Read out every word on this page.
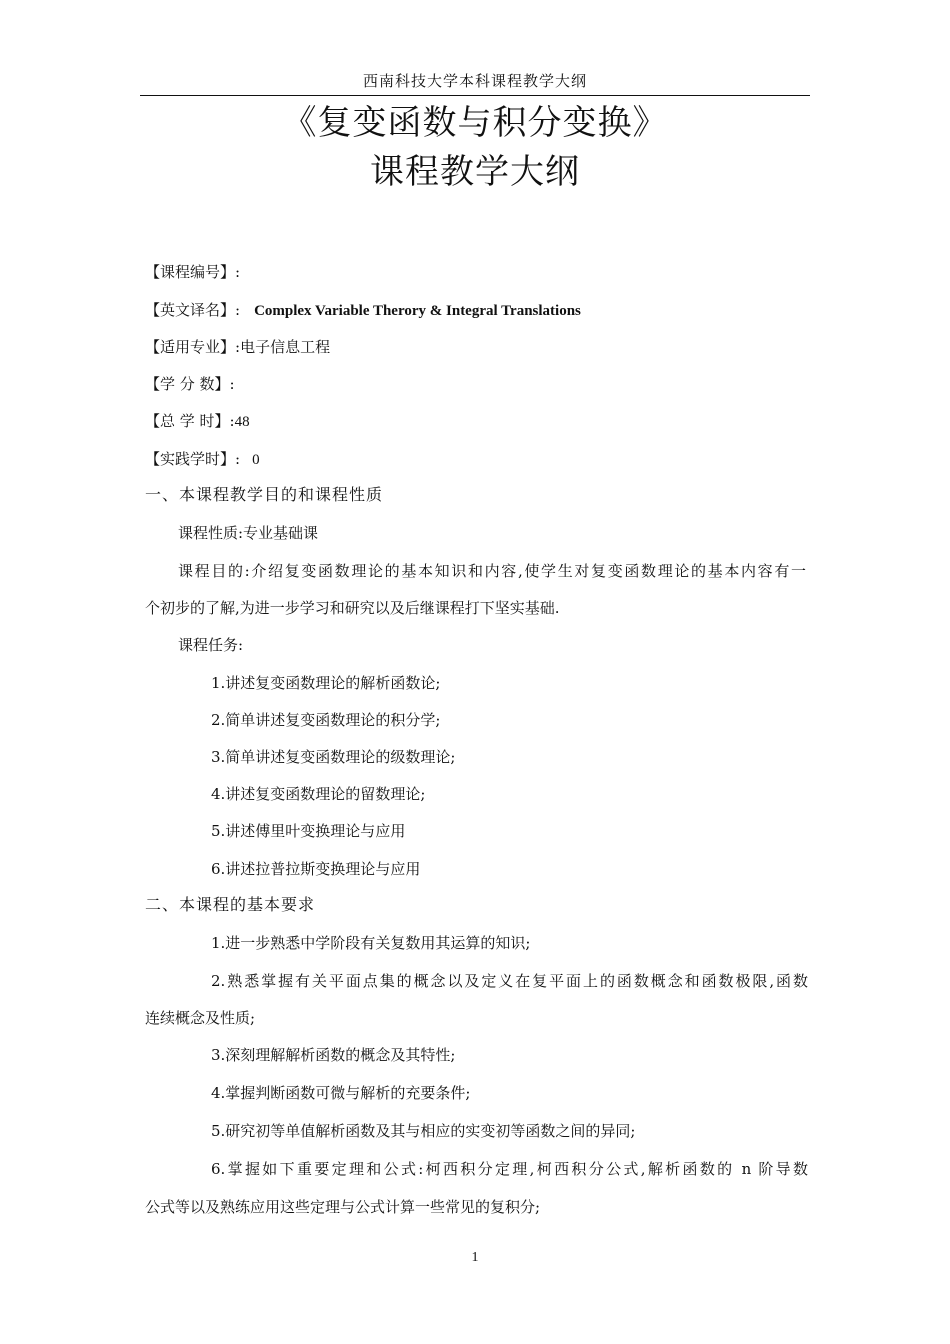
西南科技大学本科课程教学大纲
《复变函数与积分变换》
课程教学大纲
【课程编号】:
【英文译名】: Complex Variable Therory & Integral Translations
【适用专业】:电子信息工程
【学 分 数】:
【总 学 时】:48
【实践学时】: 0
一、本课程教学目的和课程性质
课程性质:专业基础课
课程目的:介绍复变函数理论的基本知识和内容,使学生对复变函数理论的基本内容有一
个初步的了解,为进一步学习和研究以及后继课程打下坚实基础.
课程任务:
1.讲述复变函数理论的解析函数论;
2.简单讲述复变函数理论的积分学;
3.简单讲述复变函数理论的级数理论;
4.讲述复变函数理论的留数理论;
5.讲述傅里叶变换理论与应用
6.讲述拉普拉斯变换理论与应用
二、本课程的基本要求
1.进一步熟悉中学阶段有关复数用其运算的知识;
2.熟悉掌握有关平面点集的概念以及定义在复平面上的函数概念和函数极限,函数
连续概念及性质;
3.深刻理解解析函数的概念及其特性;
4.掌握判断函数可微与解析的充要条件;
5.研究初等单值解析函数及其与相应的实变初等函数之间的异同;
6.掌握如下重要定理和公式:柯西积分定理,柯西积分公式,解析函数的 n 阶导数
公式等以及熟练应用这些定理与公式计算一些常见的复积分;
1
